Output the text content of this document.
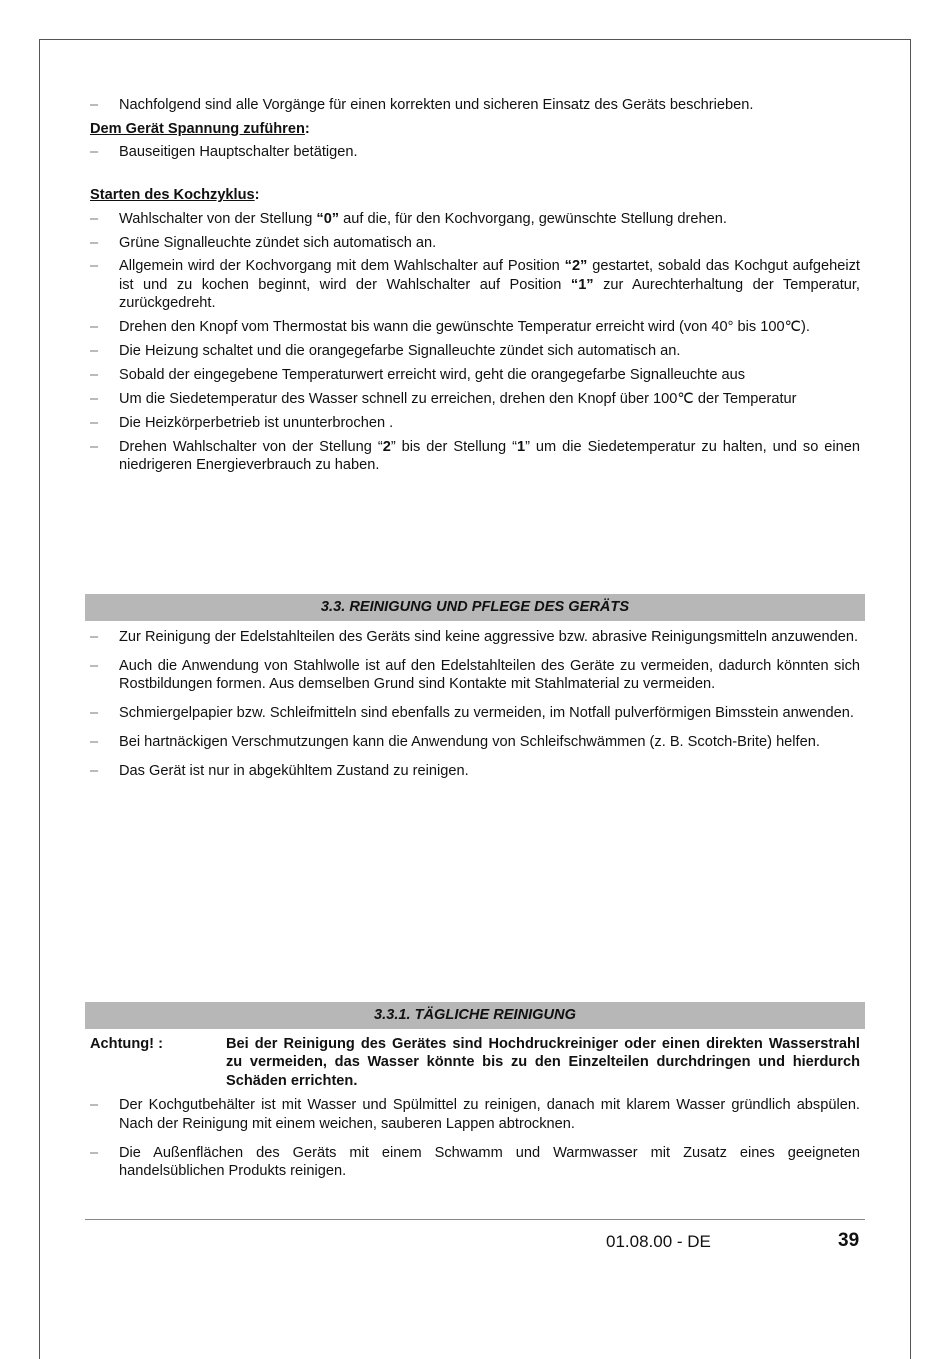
– Nachfolgend sind alle Vorgänge für einen korrekten und sicheren Einsatz des Geräts beschrieben.
Dem Gerät Spannung zuführen:
– Bauseitigen Hauptschalter betätigen.
Starten des Kochzyklus:
– Wahlschalter von der Stellung “0” auf die, für den Kochvorgang, gewünschte Stellung drehen.
– Grüne Signalleuchte zündet sich automatisch an.
– Allgemein wird der Kochvorgang mit dem Wahlschalter auf Position “2” gestartet, sobald das Kochgut aufgeheizt ist und zu kochen beginnt, wird der Wahlschalter auf Position “1” zur Aurechterhaltung der Temperatur, zurückgedreht.
– Drehen den Knopf vom Thermostat bis wann die gewünschte Temperatur erreicht wird (von 40° bis 100℃).
– Die Heizung schaltet und die orangegefarbe Signalleuchte zündet sich automatisch an.
– Sobald der eingegebene Temperaturwert erreicht wird, geht die orangegefarbe Signalleuchte aus
– Um die Siedetemperatur des Wasser schnell zu erreichen, drehen den Knopf über 100℃ der Temperatur
– Die Heizkörperbetrieb ist ununterbrochen .
– Drehen Wahlschalter von der Stellung “2” bis der Stellung “1” um die Siedetemperatur zu halten, und so einen niedrigeren Energieverbrauch zu haben.
3.3. REINIGUNG UND PFLEGE DES GERÄTS
– Zur Reinigung der Edelstahlteilen des Geräts sind keine aggressive bzw. abrasive Reinigungsmitteln anzuwenden.
– Auch die Anwendung von Stahlwolle ist auf den Edelstahlteilen des Geräte zu vermeiden, dadurch könnten sich Rostbildungen formen. Aus demselben Grund sind Kontakte mit Stahlmaterial zu vermeiden.
– Schmiergelpapier bzw. Schleifmitteln sind ebenfalls zu vermeiden, im Notfall pulverförmigen Bimsstein anwenden.
– Bei hartnäckigen Verschmutzungen kann die Anwendung von Schleifschwämmen (z. B. Scotch-Brite) helfen.
– Das Gerät ist nur in abgekühltem Zustand zu reinigen.
3.3.1. TÄGLICHE REINIGUNG
Achtung! :	Bei der Reinigung des Gerätes sind Hochdruckreiniger oder einen direkten Wasserstrahl zu vermeiden, das Wasser könnte bis zu den Einzelteilen durchdringen und hierdurch Schäden errichten.
– Der Kochgutbehälter ist mit Wasser und Spülmittel zu reinigen, danach mit klarem Wasser gründlich abspülen. Nach der Reinigung mit einem weichen, sauberen Lappen abtrocknen.
– Die Außenflächen des Geräts mit einem Schwamm und Warmwasser mit Zusatz eines geeigneten handelsüblichen Produkts reinigen.
01.08.00 - DE	39
